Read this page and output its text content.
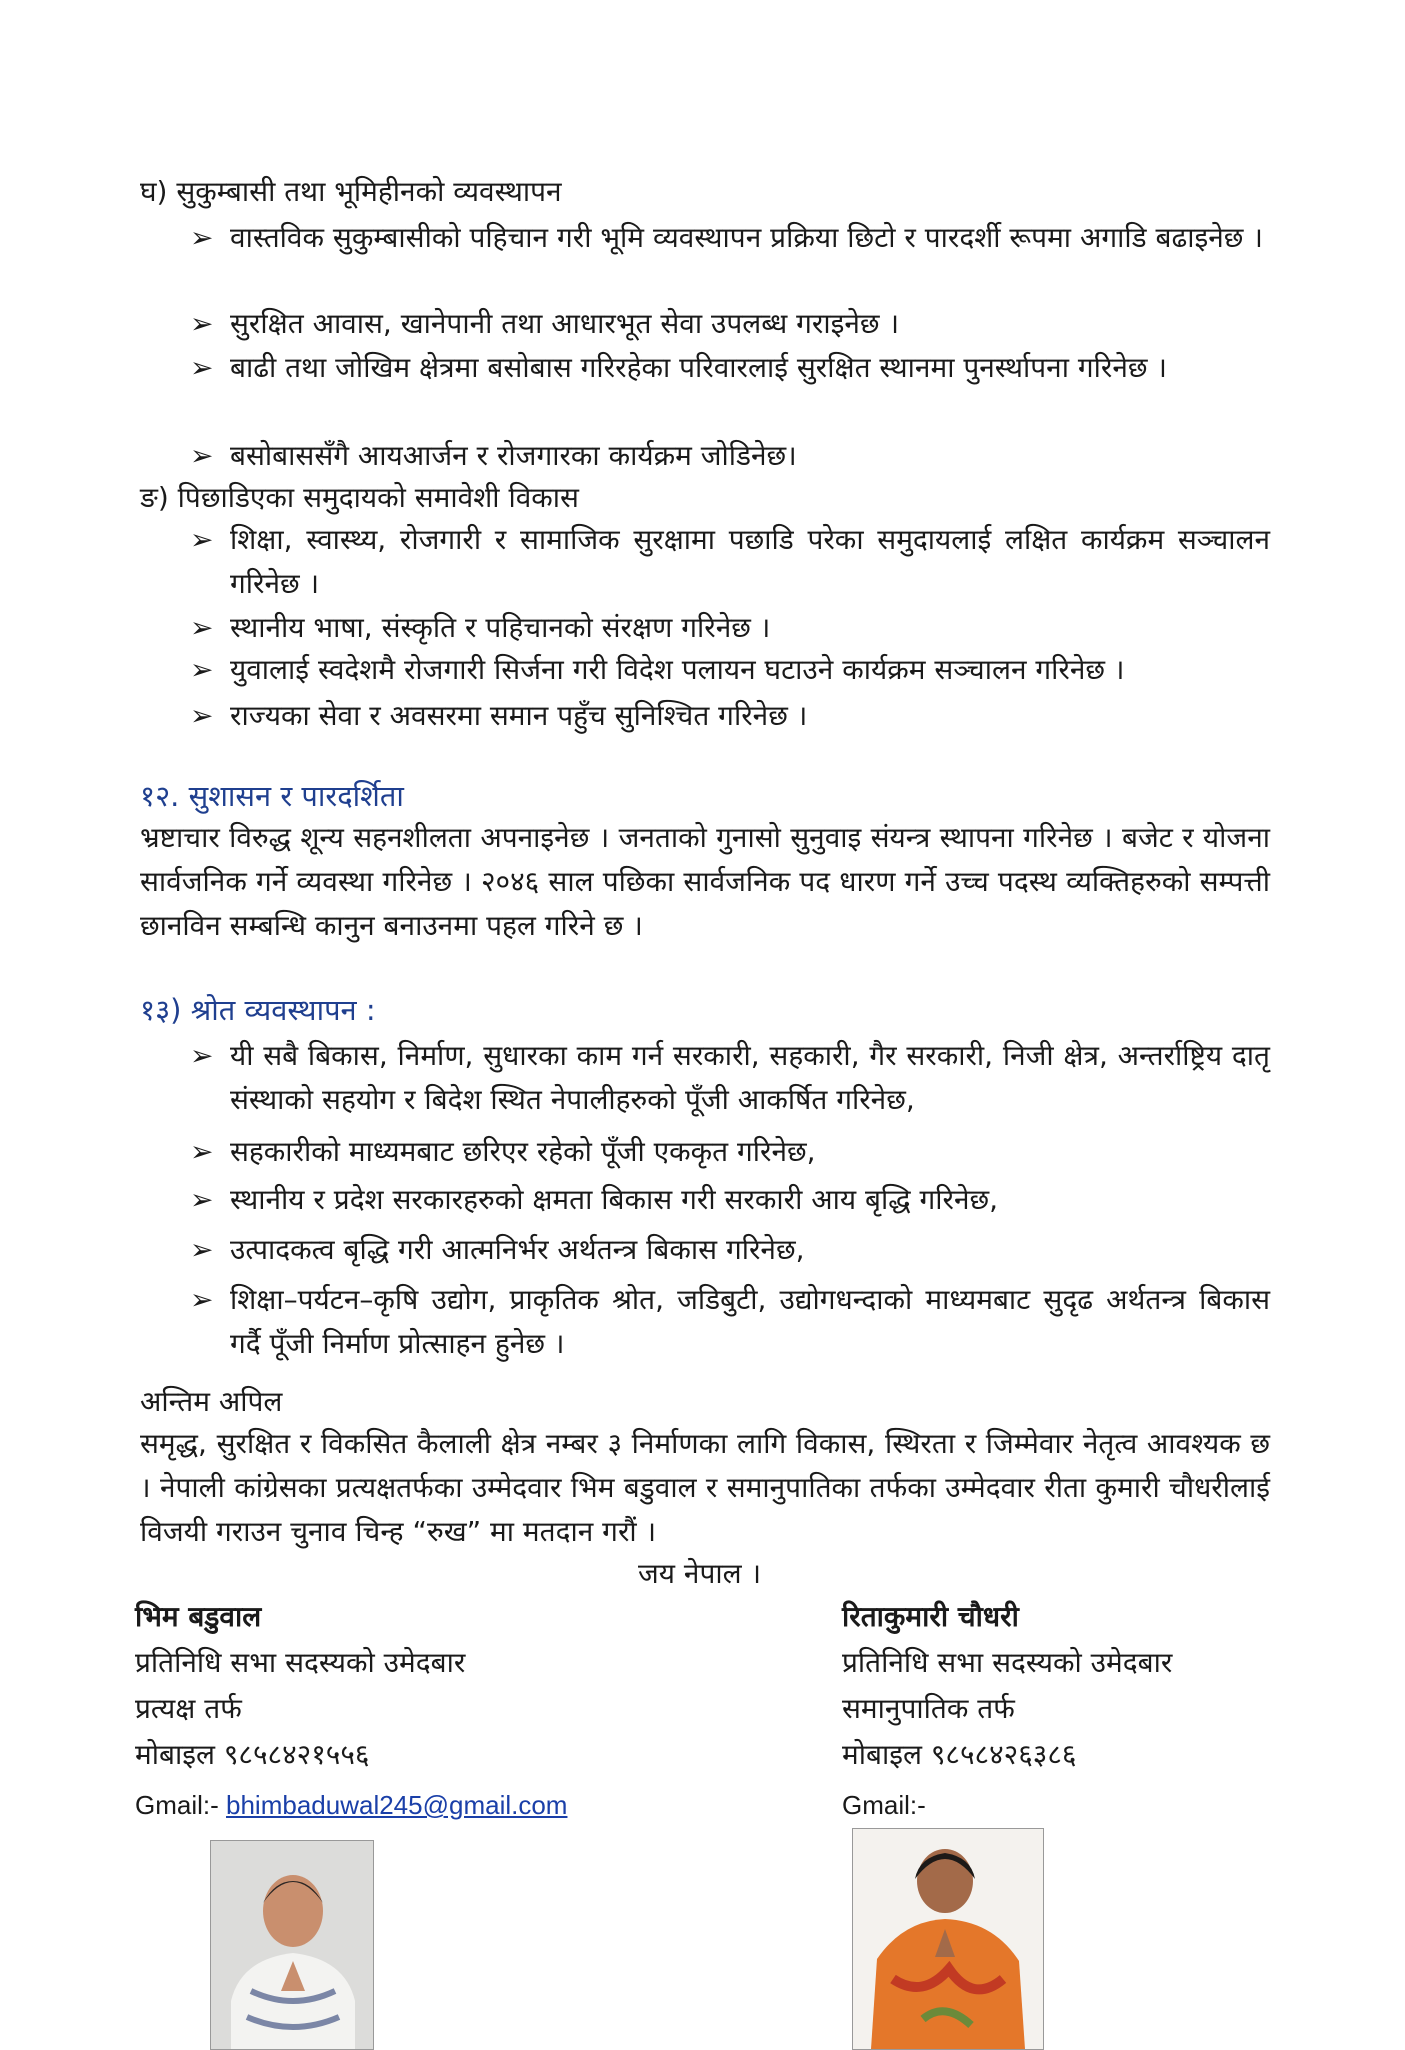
घ) सुकुम्बासी तथा भूमिहीनको व्यवस्थापन
➢ वास्तविक सुकुम्बासीको पहिचान गरी भूमि व्यवस्थापन प्रक्रिया छिटो र पारदर्शी रूपमा अगाडि बढाइनेछ ।
➢ सुरक्षित आवास, खानेपानी तथा आधारभूत सेवा उपलब्ध गराइनेछ ।
➢ बाढी तथा जोखिम क्षेत्रमा बसोबास गरिरहेका परिवारलाई सुरक्षित स्थानमा पुनर्स्थापना गरिनेछ ।
➢ बसोबाससँगै आयआर्जन र रोजगारका कार्यक्रम जोडिनेछ।
ङ) पिछाडिएका समुदायको समावेशी विकास
➢ शिक्षा, स्वास्थ्य, रोजगारी र सामाजिक सुरक्षामा पछाडि परेका समुदायलाई लक्षित कार्यक्रम सञ्चालन गरिनेछ ।
➢ स्थानीय भाषा, संस्कृति र पहिचानको संरक्षण गरिनेछ ।
➢ युवालाई स्वदेशमै रोजगारी सिर्जना गरी विदेश पलायन घटाउने कार्यक्रम सञ्चालन गरिनेछ ।
➢ राज्यका सेवा र अवसरमा समान पहुँच सुनिश्चित गरिनेछ ।
१२. सुशासन र पारदर्शिता
भ्रष्टाचार विरुद्ध शून्य सहनशीलता अपनाइनेछ । जनताको गुनासो सुनुवाइ संयन्त्र स्थापना गरिनेछ । बजेट र योजना सार्वजनिक गर्ने व्यवस्था गरिनेछ । २०४६ साल पछिका सार्वजनिक पद धारण गर्ने उच्च पदस्थ व्यक्तिहरुको सम्पत्ती छानविन सम्बन्धि कानुन बनाउनमा पहल गरिने छ ।
१३) श्रोत व्यवस्थापन :
➢ यी सबै बिकास, निर्माण, सुधारका काम गर्न सरकारी, सहकारी, गैर सरकारी, निजी क्षेत्र, अन्तर्राष्ट्रिय दातृ संस्थाको सहयोग र बिदेश स्थित नेपालीहरुको पूँजी आकर्षित गरिनेछ,
➢ सहकारीको माध्यमबाट छरिएर रहेको पूँजी एककृत गरिनेछ,
➢ स्थानीय र प्रदेश सरकारहरुको क्षमता बिकास गरी सरकारी आय बृद्धि गरिनेछ,
➢ उत्पादकत्व बृद्धि गरी आत्मनिर्भर अर्थतन्त्र बिकास गरिनेछ,
➢ शिक्षा–पर्यटन–कृषि उद्योग, प्राकृतिक श्रोत, जडिबुटी, उद्योगधन्दाको माध्यमबाट सुदृढ अर्थतन्त्र बिकास गर्दै पूँजी निर्माण प्रोत्साहन हुनेछ ।
अन्तिम अपिल
समृद्ध, सुरक्षित र विकसित कैलाली क्षेत्र नम्बर ३ निर्माणका लागि विकास, स्थिरता र जिम्मेवार नेतृत्व आवश्यक छ । नेपाली कांग्रेसका प्रत्यक्षतर्फका उम्मेदवार भिम बडुवाल र समानुपातिका तर्फका उम्मेदवार रीता कुमारी चौधरीलाई विजयी गराउन चुनाव चिन्ह “रुख” मा मतदान गरौं ।
जय नेपाल ।
भिम बडुवाल
प्रतिनिधि सभा सदस्यको उमेदबार
प्रत्यक्ष तर्फ
मोबाइल ९८५८४२१५५६
Gmail:- bhimbaduwal245@gmail.com
रिताकुमारी चौधरी
प्रतिनिधि सभा सदस्यको उमेदबार
समानुपातिक तर्फ
मोबाइल ९८५८४२६३८६
Gmail:-
